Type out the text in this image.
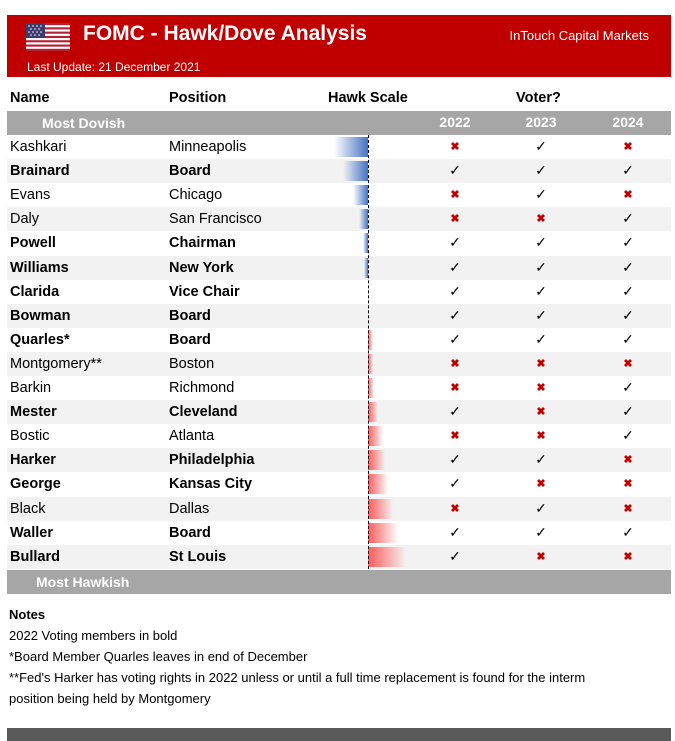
FOMC - Hawk/Dove Analysis	InTouch Capital Markets
Last Update: 21 December 2021
Name	Position	Hawk Scale	Voter?
Most Dovish	2022	2023	2024
Kashkari	Minneapolis	✖	✓	✖
Brainard	Board	✓	✓	✓
Evans	Chicago	✖	✓	✖
Daly	San Francisco	✖	✖	✓
Powell	Chairman	✓	✓	✓
Williams	New York	✓	✓	✓
Clarida	Vice Chair	✓	✓	✓
Bowman	Board	✓	✓	✓
Quarles*	Board	✓	✓	✓
Montgomery**	Boston	✖	✖	✖
Barkin	Richmond	✖	✖	✓
Mester	Cleveland	✓	✖	✓
Bostic	Atlanta	✖	✖	✓
Harker	Philadelphia	✓	✓	✖
George	Kansas City	✓	✖	✖
Black	Dallas	✖	✓	✖
Waller	Board	✓	✓	✓
Bullard	St Louis	✓	✖	✖
Most Hawkish
Notes
2022 Voting members in bold
*Board Member Quarles leaves in end of December
**Fed's Harker has voting rights in 2022 unless or until a full time replacement is found for the interm
position being held by Montgomery
